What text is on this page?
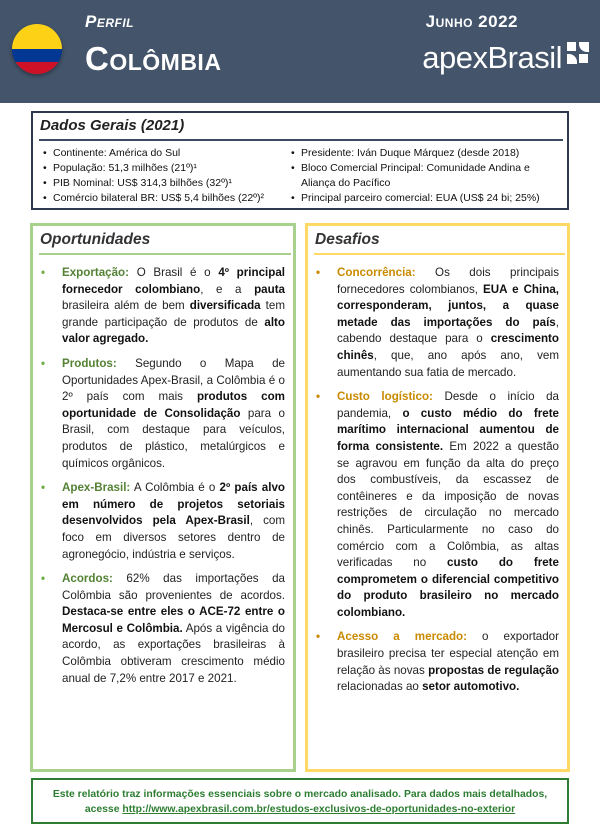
Perfil
Colômbia
Junho 2022
apexBrasil
Dados Gerais (2021)
• Continente: América do Sul
• População: 51,3 milhões (21º)¹
• PIB Nominal: US$ 314,3 bilhões (32º)¹
• Comércio bilateral BR: US$ 5,4 bilhões (22º)²
• Presidente: Iván Duque Márquez (desde 2018)
• Bloco Comercial Principal: Comunidade Andina e Aliança do Pacífico
• Principal parceiro comercial: EUA (US$ 24 bi; 25%)
Oportunidades
• Exportação: O Brasil é o 4º principal fornecedor colombiano, e a pauta brasileira além de bem diversificada tem grande participação de produtos de alto valor agregado.
• Produtos: Segundo o Mapa de Oportunidades Apex-Brasil, a Colômbia é o 2º país com mais produtos com oportunidade de Consolidação para o Brasil, com destaque para veículos, produtos de plástico, metalúrgicos e químicos orgânicos.
• Apex-Brasil: A Colômbia é o 2º país alvo em número de projetos setoriais desenvolvidos pela Apex-Brasil, com foco em diversos setores dentro de agronegócio, indústria e serviços.
• Acordos: 62% das importações da Colômbia são provenientes de acordos. Destaca-se entre eles o ACE-72 entre o Mercosul e Colômbia. Após a vigência do acordo, as exportações brasileiras à Colômbia obtiveram crescimento médio anual de 7,2% entre 2017 e 2021.
Desafios
• Concorrência: Os dois principais fornecedores colombianos, EUA e China, corresponderam, juntos, a quase metade das importações do país, cabendo destaque para o crescimento chinês, que, ano após ano, vem aumentando sua fatia de mercado.
• Custo logístico: Desde o início da pandemia, o custo médio do frete marítimo internacional aumentou de forma consistente. Em 2022 a questão se agravou em função da alta do preço dos combustíveis, da escassez de contêineres e da imposição de novas restrições de circulação no mercado chinês. Particularmente no caso do comércio com a Colômbia, as altas verificadas no custo do frete comprometem o diferencial competitivo do produto brasileiro no mercado colombiano.
• Acesso a mercado: o exportador brasileiro precisa ter especial atenção em relação às novas propostas de regulação relacionadas ao setor automotivo.
Este relatório traz informações essenciais sobre o mercado analisado. Para dados mais detalhados,
acesse http://www.apexbrasil.com.br/estudos-exclusivos-de-oportunidades-no-exterior
